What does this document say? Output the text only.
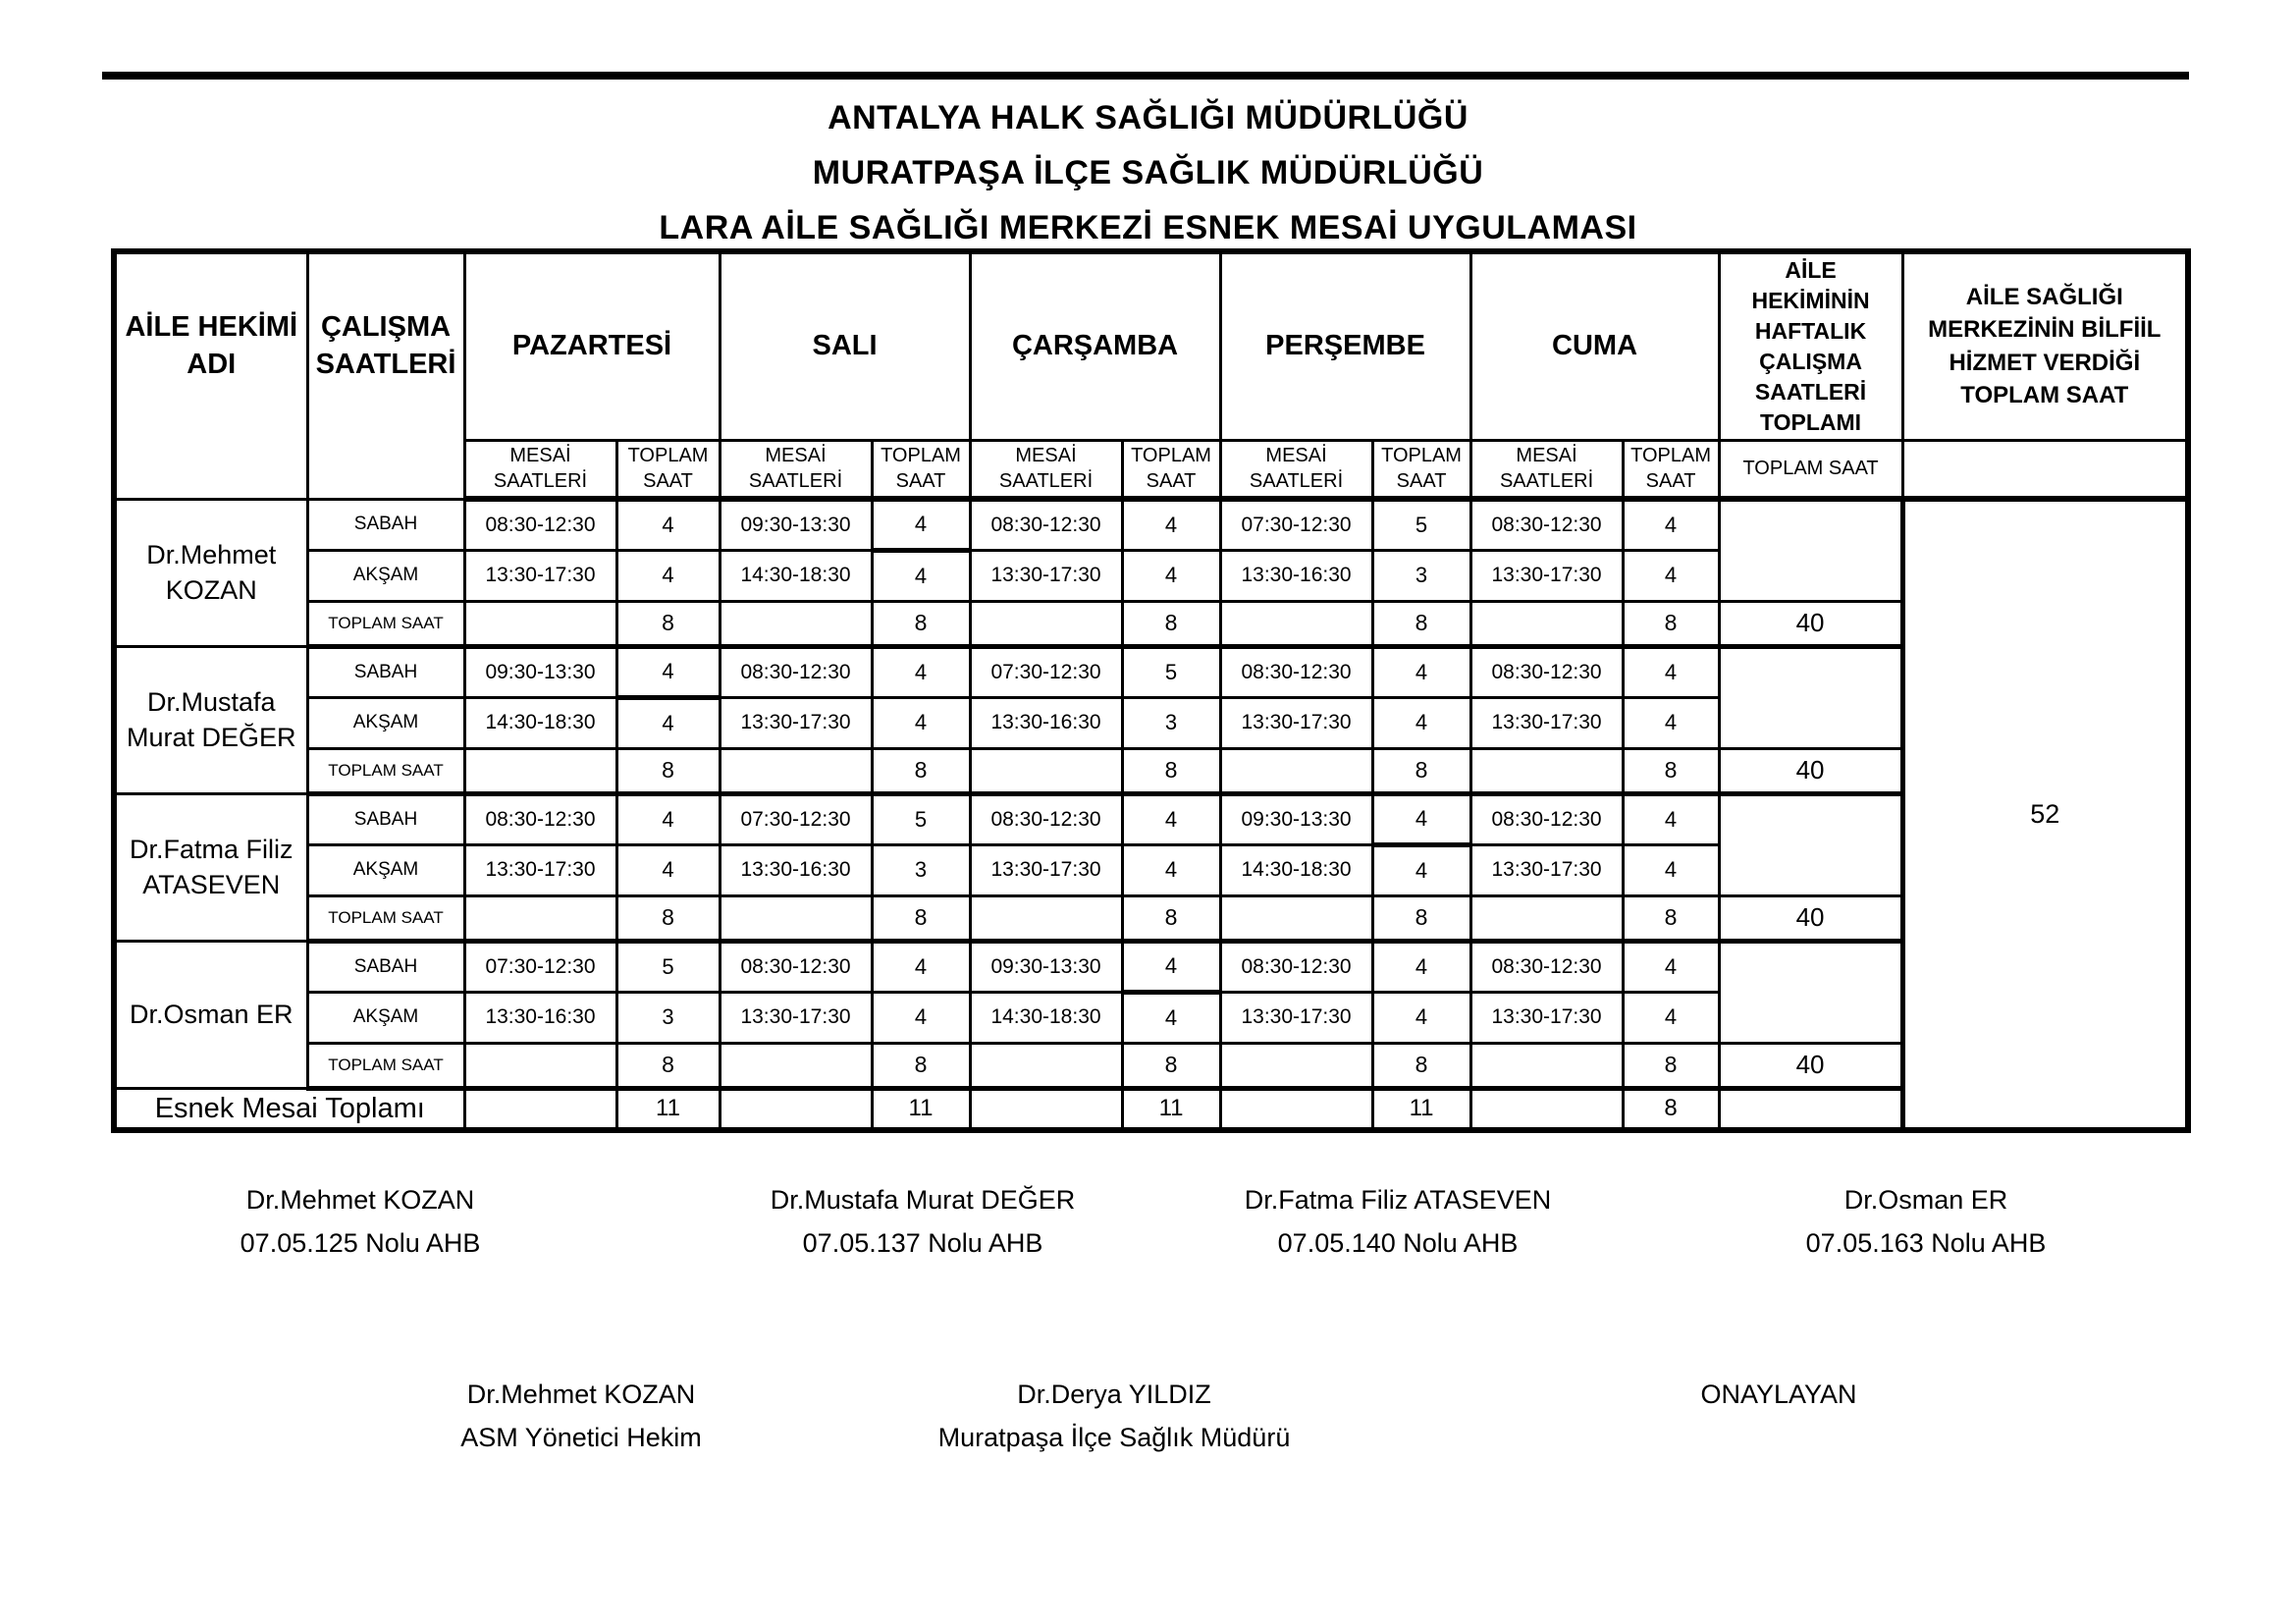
ANTALYA HALK SAĞLIĞI MÜDÜRLÜĞÜ
MURATPAŞA İLÇE SAĞLIK MÜDÜRLÜĞÜ
LARA AİLE SAĞLIĞI MERKEZİ ESNEK MESAİ UYGULAMASI
AİLE HEKİMİ ADI	ÇALIŞMA SAATLERİ	PAZARTESİ		SALI		ÇARŞAMBA		PERŞEMBE		CUMA		AİLE HEKİMİNİN HAFTALIK ÇALIŞMA SAATLERİ TOPLAMI	AİLE SAĞLIĞI MERKEZİNİN BİLFİİL HİZMET VERDİĞİ TOPLAM SAAT
		MESAİ SAATLERİ	TOPLAM SAAT	MESAİ SAATLERİ	TOPLAM SAAT	MESAİ SAATLERİ	TOPLAM SAAT	MESAİ SAATLERİ	TOPLAM SAAT	MESAİ SAATLERİ	TOPLAM SAAT	TOPLAM SAAT	
Dr.Mehmet KOZAN	SABAH	08:30-12:30	4	09:30-13:30	4	08:30-12:30	4	07:30-12:30	5	08:30-12:30	4		52
	AKŞAM	13:30-17:30	4	14:30-18:30	4	13:30-17:30	4	13:30-16:30	3	13:30-17:30	4		
	TOPLAM SAAT		8		8		8		8		8	40	
Dr.Mustafa Murat DEĞER	SABAH	09:30-13:30	4	08:30-12:30	4	07:30-12:30	5	08:30-12:30	4	08:30-12:30	4		
	AKŞAM	14:30-18:30	4	13:30-17:30	4	13:30-16:30	3	13:30-17:30	4	13:30-17:30	4		
	TOPLAM SAAT		8		8		8		8		8	40	
Dr.Fatma Filiz ATASEVEN	SABAH	08:30-12:30	4	07:30-12:30	5	08:30-12:30	4	09:30-13:30	4	08:30-12:30	4		
	AKŞAM	13:30-17:30	4	13:30-16:30	3	13:30-17:30	4	14:30-18:30	4	13:30-17:30	4		
	TOPLAM SAAT		8		8		8		8		8	40	
Dr.Osman ER	SABAH	07:30-12:30	5	08:30-12:30	4	09:30-13:30	4	08:30-12:30	4	08:30-12:30	4		
	AKŞAM	13:30-16:30	3	13:30-17:30	4	14:30-18:30	4	13:30-17:30	4	13:30-17:30	4		
	TOPLAM SAAT		8		8		8		8		8	40	
Esnek Mesai Toplamı			11		11		11		11		8		
Dr.Mehmet KOZAN
07.05.125 Nolu AHB
Dr.Mustafa Murat DEĞER
07.05.137 Nolu AHB
Dr.Fatma Filiz ATASEVEN
07.05.140 Nolu AHB
Dr.Osman ER
07.05.163 Nolu AHB
Dr.Mehmet KOZAN
ASM Yönetici Hekim
Dr.Derya YILDIZ
Muratpaşa İlçe Sağlık Müdürü
ONAYLAYAN
